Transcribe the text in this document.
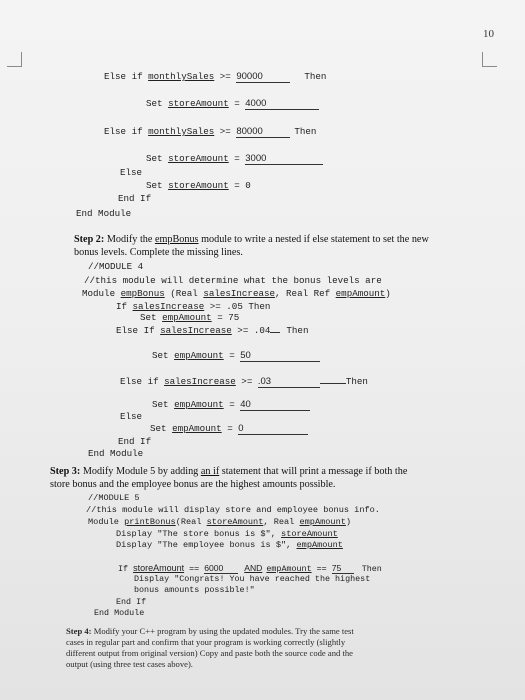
10
Else if monthlySales >= 90000	Then
Set storeAmount = 4000
Else if monthlySales >= 80000	Then
Set storeAmount = 3000
Else
Set storeAmount = 0
End If
End Module
Step 2: Modify the empBonus module to write a nested if else statement to set the new
bonus levels. Complete the missing lines.
//MODULE 4
//this module will determine what the bonus levels are
Module empBonus (Real salesIncrease, Real Ref empAmount)
If salesIncrease >= .05 Then
Set empAmount = 75
Else If salesIncrease >= .04 Then
Set empAmount = 50
Else if salesIncrease >= .03	Then
Set empAmount = 40
Else
Set empAmount = 0
End If
End Module
Step 3: Modify Module 5 by adding an if statement that will print a message if both the
store bonus and the employee bonus are the highest amounts possible.
//MODULE 5
//this module will display store and employee bonus info.
Module printBonus(Real storeAmount, Real empAmount)
Display "The store bonus is $", storeAmount
Display "The employee bonus is $", empAmount
If storeAmount == 6000 AND empAmount == 75 Then
Display "Congrats! You have reached the highest
bonus amounts possible!"
End If
End Module
Step 4: Modify your C++ program by using the updated modules. Try the same test
cases in regular part and confirm that your program is working correctly (slightly
different output from original version) Copy and paste both the source code and the
output (using three test cases above).
